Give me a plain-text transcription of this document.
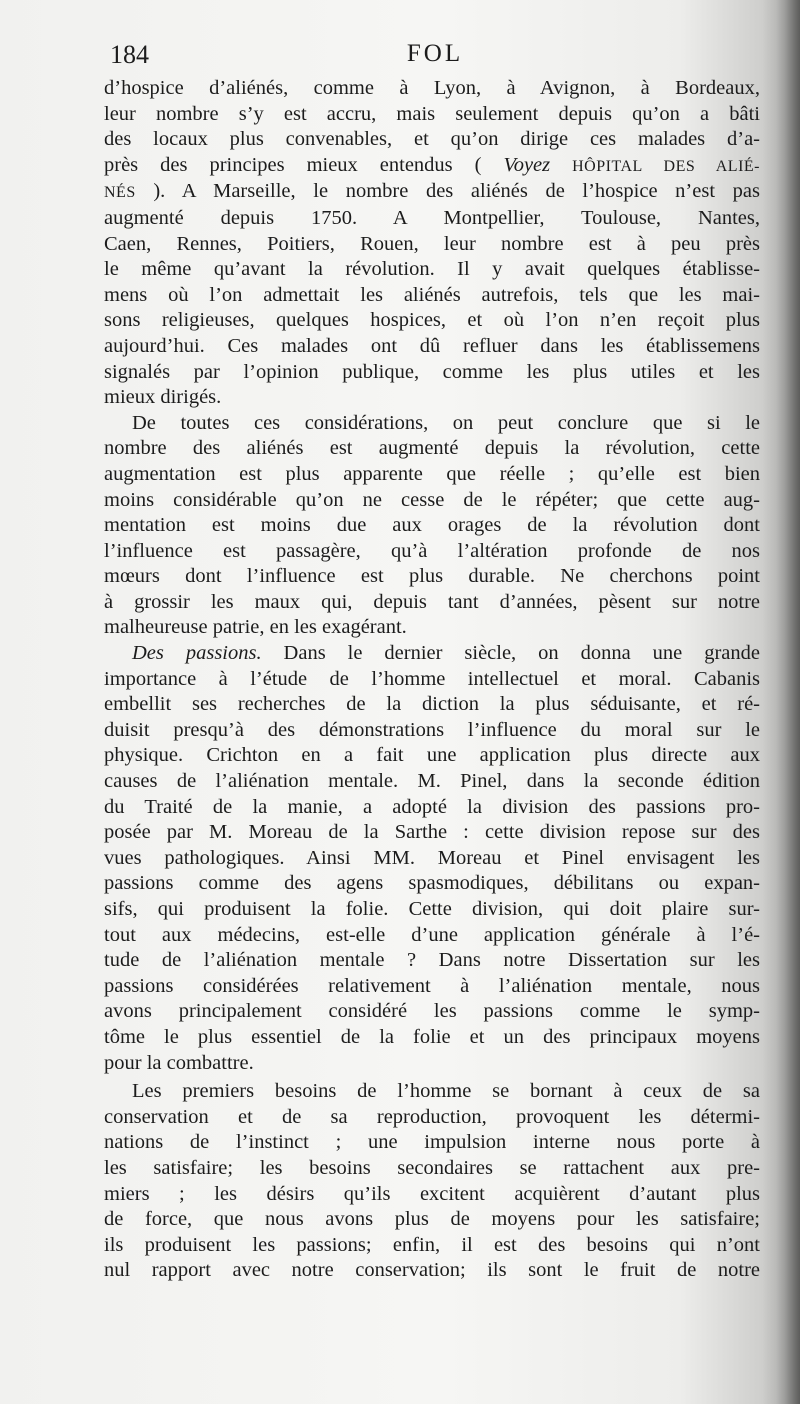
184	FOL

d’hospice d’aliénés, comme à Lyon, à Avignon, à Bordeaux,

leur nombre s’y est accru, mais seulement depuis qu’on a bâti

des locaux plus convenables, et qu’on dirige ces malades d’a-

près des principes mieux entendus ( Voyez HÔPITAL DES ALIÉ-

NÉS ). A Marseille, le nombre des aliénés de l’hospice n’est pas

augmenté depuis 1750. A Montpellier, Toulouse, Nantes,

Caen, Rennes, Poitiers, Rouen, leur nombre est à peu près

le même qu’avant la révolution. Il y avait quelques établisse-

mens où l’on admettait les aliénés autrefois, tels que les mai-

sons religieuses, quelques hospices, et où l’on n’en reçoit plus

aujourd’hui. Ces malades ont dû refluer dans les établissemens

signalés par l’opinion publique, comme les plus utiles et les

mieux dirigés.

De toutes ces considérations, on peut conclure que si le

nombre des aliénés est augmenté depuis la révolution, cette

augmentation est plus apparente que réelle ; qu’elle est bien

moins considérable qu’on ne cesse de le répéter; que cette aug-

mentation est moins due aux orages de la révolution dont

l’influence est passagère, qu’à l’altération profonde de nos

mœurs dont l’influence est plus durable. Ne cherchons point

à grossir les maux qui, depuis tant d’années, pèsent sur notre

malheureuse patrie, en les exagérant.

Des passions. Dans le dernier siècle, on donna une grande

importance à l’étude de l’homme intellectuel et moral. Cabanis

embellit ses recherches de la diction la plus séduisante, et ré-

duisit presqu’à des démonstrations l’influence du moral sur le

physique. Crichton en a fait une application plus directe aux

causes de l’aliénation mentale. M. Pinel, dans la seconde édition

du Traité de la manie, a adopté la division des passions pro-

posée par M. Moreau de la Sarthe : cette division repose sur des

vues pathologiques. Ainsi MM. Moreau et Pinel envisagent les

passions comme des agens spasmodiques, débilitans ou expan-

sifs, qui produisent la folie. Cette division, qui doit plaire sur-

tout aux médecins, est-elle d’une application générale à l’é-

tude de l’aliénation mentale ? Dans notre Dissertation sur les

passions considérées relativement à l’aliénation mentale, nous

avons principalement considéré les passions comme le symp-

tôme le plus essentiel de la folie et un des principaux moyens

pour la combattre.

Les premiers besoins de l’homme se bornant à ceux de sa

conservation et de sa reproduction, provoquent les détermi-

nations de l’instinct ; une impulsion interne nous porte à

les satisfaire; les besoins secondaires se rattachent aux pre-

miers ; les désirs qu’ils excitent acquièrent d’autant plus

de force, que nous avons plus de moyens pour les satisfaire;

ils produisent les passions; enfin, il est des besoins qui n’ont

nul rapport avec notre conservation; ils sont le fruit de notre
